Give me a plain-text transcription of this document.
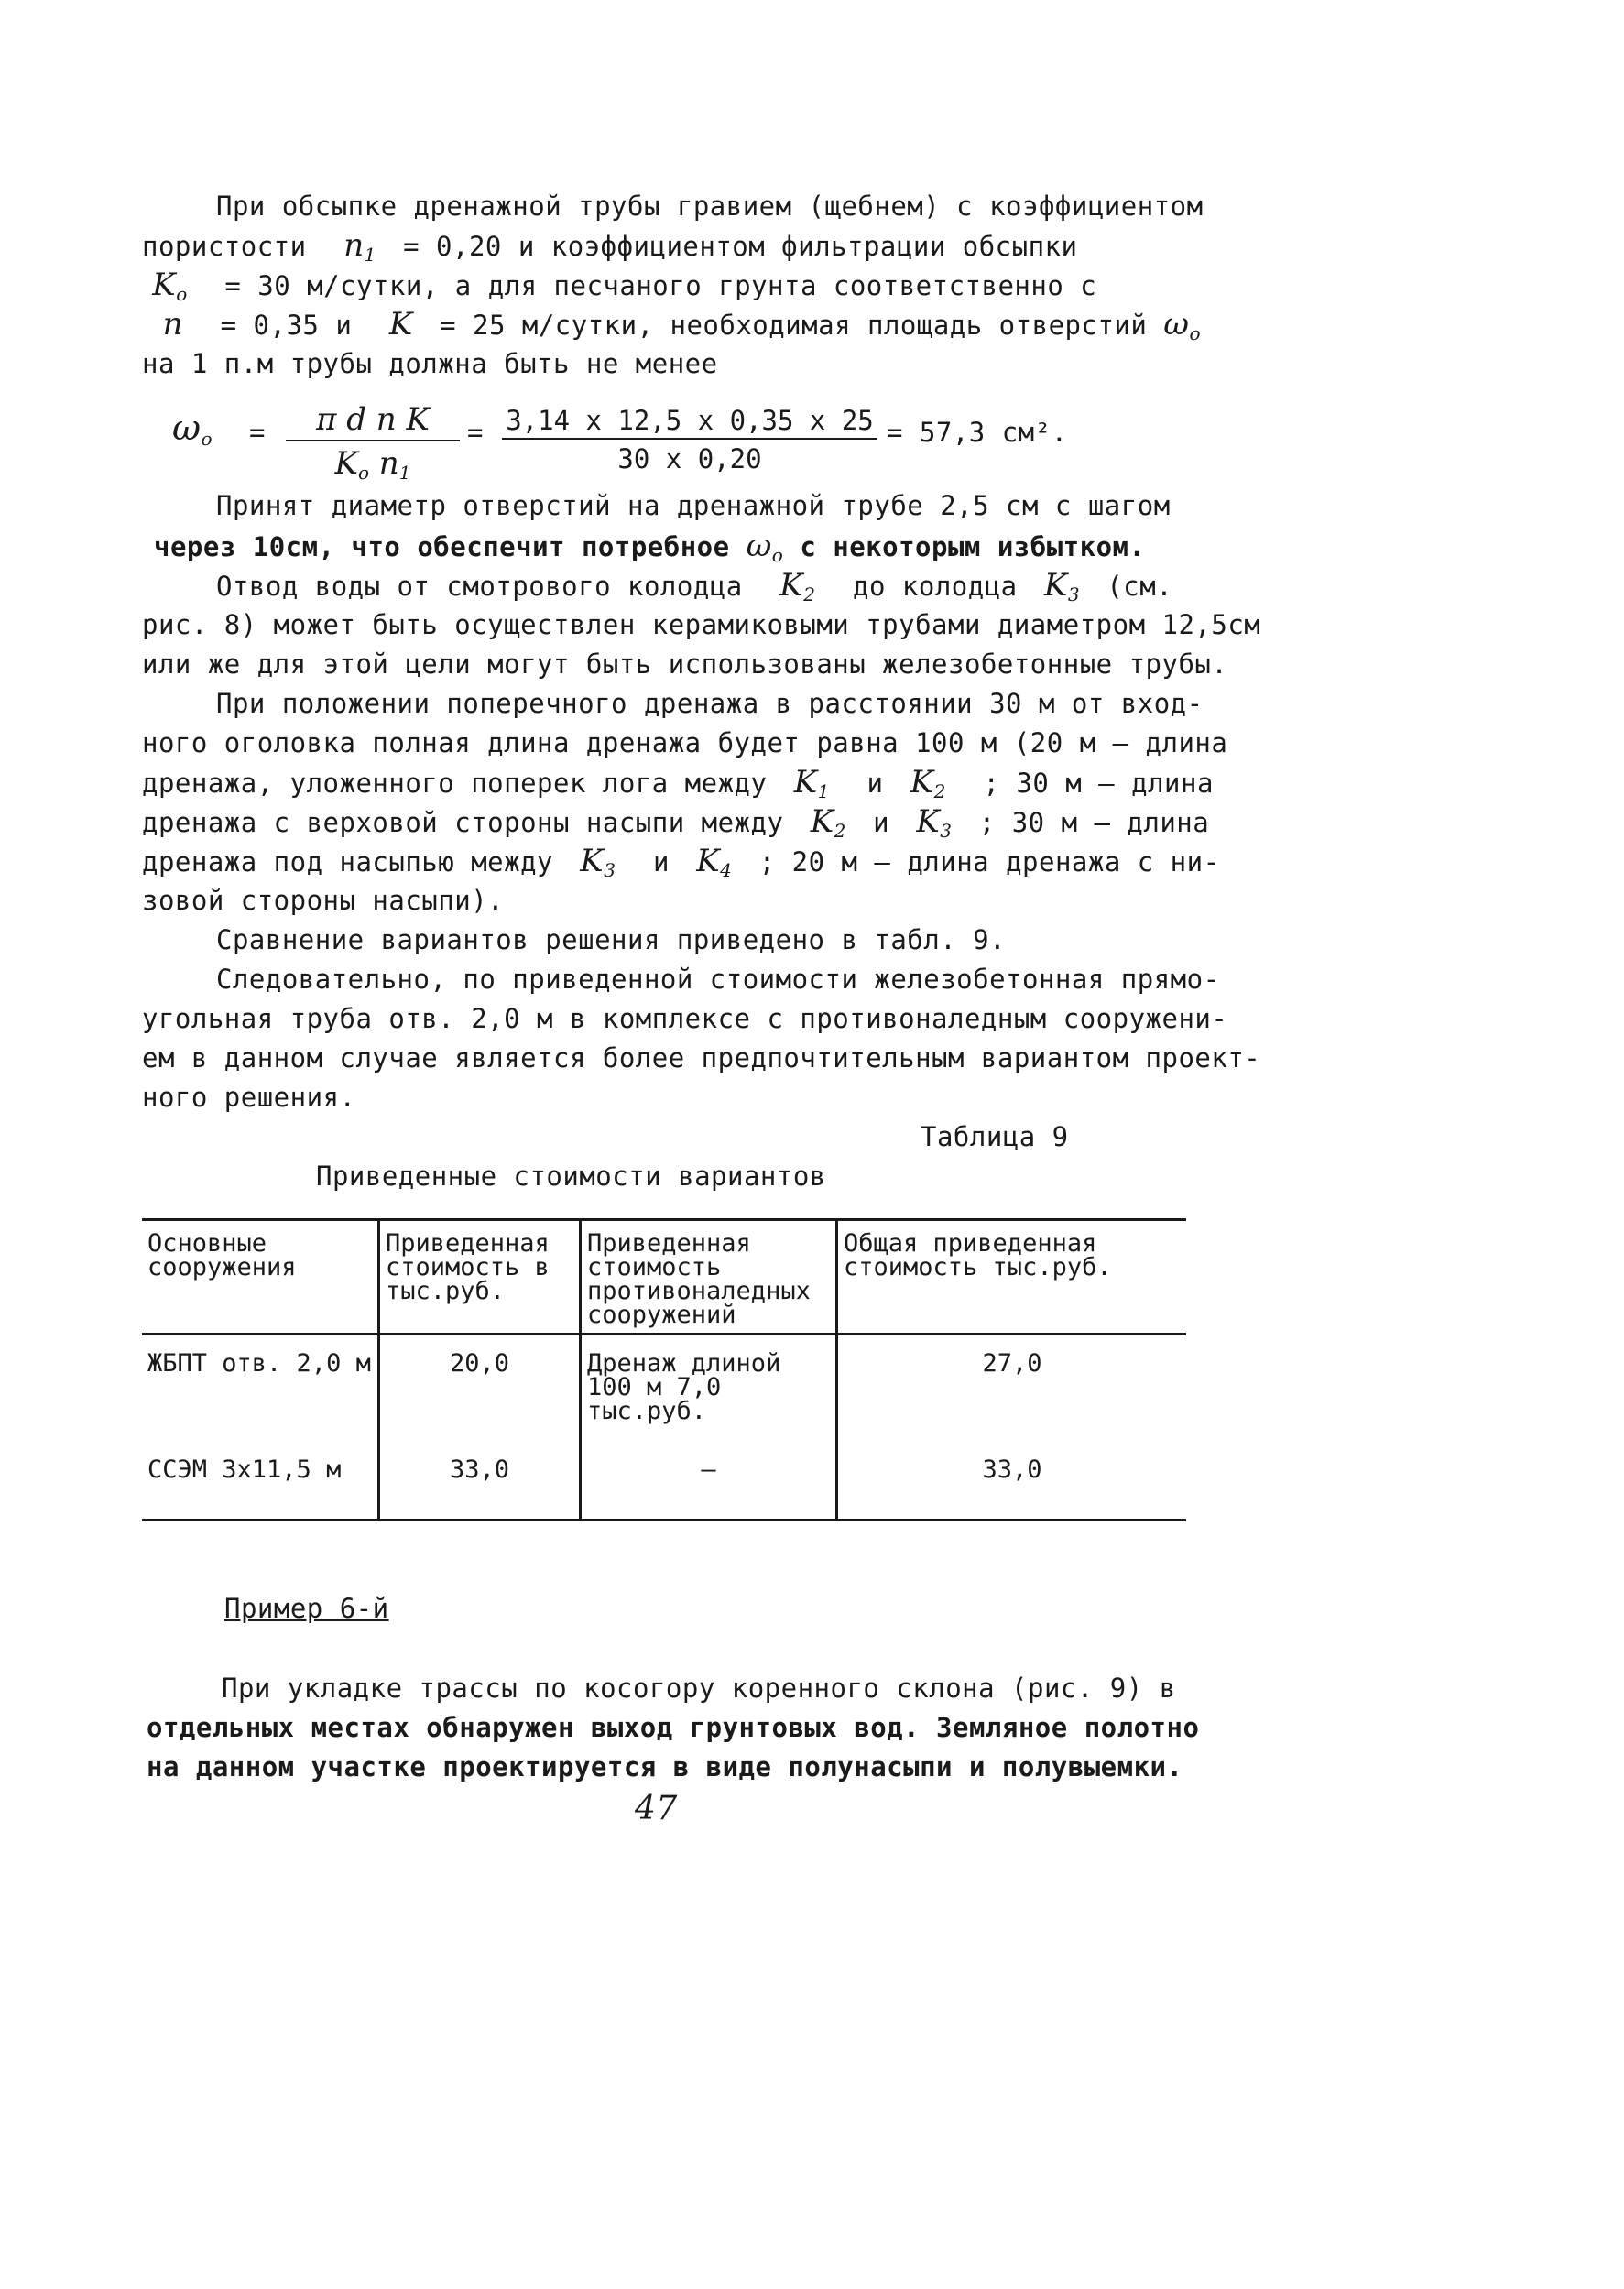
При обсыпке дренажной трубы гравием (щебнем) с коэффициентом
пористости   $n_1 = 0,20$ и коэффициентом фильтрации обсыпки
$K_o = 30$ м/сутки, а для песчаного грунта соответственно с
n   = 0,35 и   K  = 25 м/сутки, необходимая площадь отверстий $\omega_o$
на 1 п.м трубы должна быть не менее
$\omega_o = \frac{\text{π d n K}}{K_o n_1} = \frac{3,14 x 12,5 x 0,35 x 25}{30 x 0,20} = 57,3$ см².
Принят диаметр отверстий на дренажной трубе 2,5 см с шагом
через 10см, что обеспечит потребное $\omega_o$ с некоторым избытком.
Отвод воды от смотрового колодца   $K_2$ до колодца  $K_3$ (см.
рис. 8) может быть осуществлен керамиковыми трубами диаметром 12,5см
или же для этой цели могут быть использованы железобетонные трубы.
При положении поперечного дренажа в расстоянии 30 м от вход-
ного оголовка полная длина дренажа будет равна 100 м (20 м – длина
дренажа, уложенного поперек лога между  $K_1$ и  $K_2$ ; 30 м – длина
дренажа с верховой стороны насыпи между  $K_2$ и  $K_3$ ; 30 м – длина
дренажа под насыпью между  $K_3$ и  $K_4$ ; 20 м – длина дренажа с ни-
зовой стороны насыпи).
Сравнение вариантов решения приведено в табл. 9.
Следовательно, по приведенной стоимости железобетонная прямо-
угольная труба отв. 2,0 м в комплексе с противоналедным сооружени-
ем в данном случае является более предпочтительным вариантом проект-
ного решения.
Таблица 9
Приведенные стоимости вариантов
Основные сооружения	Приведенная стоимость в тыс.руб.	Приведенная стоимость противоналедных сооружений	Общая приведенная стоимость тыс.руб.
ЖБПТ отв. 2,0 м	20,0	Дренаж длиной 100 м 7,0 тыс.руб.	27,0
ССЭМ 3x11,5 м	33,0	–	33,0
Пример 6-й
При укладке трассы по косогору коренного склона (рис. 9) в
отдельных местах обнаружен выход грунтовых вод. Земляное полотно
на данном участке проектируется в виде полунасыпи и полувыемки.
47
